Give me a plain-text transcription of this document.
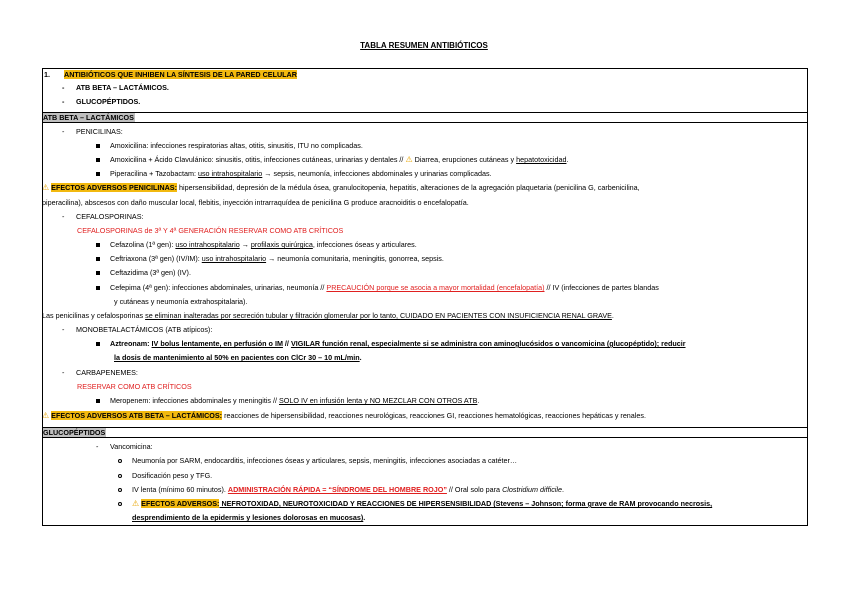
TABLA RESUMEN ANTIBIÓTICOS
1. ANTIBIÓTICOS QUE INHIBEN LA SÍNTESIS DE LA PARED CELULAR
- ATB BETA – LACTÁMICOS.
- GLUCOPÉPTIDOS.
ATB BETA – LACTÁMICOS
- PENICILINAS:
Amoxicilina: infecciones respiratorias altas, otitis, sinusitis, ITU no complicadas.
Amoxicilina + Ácido Clavulánico: sinusitis, otitis, infecciones cutáneas, urinarias y dentales // ⚠ Diarrea, erupciones cutáneas y hepatotoxicidad.
Piperacilina + Tazobactam: uso intrahospitalario → sepsis, neumonía, infecciones abdominales y urinarias complicadas.
⚠ EFECTOS ADVERSOS PENICILINAS: hipersensibilidad, depresión de la médula ósea, granulocitopenia, hepatitis, alteraciones de la agregación plaquetaria (penicilina G, carbenicilina,
piperacilina), abscesos con daño muscular local, flebitis, inyección intrarraquídea de penicilina G produce aracnoiditis o encefalopatía.
- CEFALOSPORINAS:
CEFALOSPORINAS de 3ª Y 4ª GENERACIÓN RESERVAR COMO ATB CRÍTICOS
Cefazolina (1ª gen): uso intrahospitalario → profilaxis quirúrgica, infecciones óseas y articulares.
Ceftriaxona (3ª gen) (IV/IM): uso intrahospitalario → neumonía comunitaria, meningitis, gonorrea, sepsis.
Ceftazidima (3ª gen) (IV).
Cefepima (4ª gen): infecciones abdominales, urinarias, neumonía // PRECAUCIÓN porque se asocia a mayor mortalidad (encefalopatía) // IV (infecciones de partes blandas
y cutáneas y neumonía extrahospitalaria).
Las penicilinas y cefalosporinas se eliminan inalteradas por secreción tubular y filtración glomerular por lo tanto, CUIDADO EN PACIENTES CON INSUFICIENCIA RENAL GRAVE.
- MONOBETALACTÁMICOS (ATB atípicos):
Aztreonam: IV bolus lentamente, en perfusión o IM // VIGILAR función renal, especialmente si se administra con aminoglucósidos o vancomicina (glucopéptido); reducir
la dosis de mantenimiento al 50% en pacientes con ClCr 30 – 10 mL/min.
- CARBAPENEMES:
RESERVAR COMO ATB CRÍTICOS
Meropenem: infecciones abdominales y meningitis // SOLO IV en infusión lenta y NO MEZCLAR CON OTROS ATB.
⚠ EFECTOS ADVERSOS ATB BETA – LACTÁMICOS: reacciones de hipersensibilidad, reacciones neurológicas, reacciones GI, reacciones hematológicas, reacciones hepáticas y renales.
GLUCOPÉPTIDOS
- Vancomicina:
Neumonía por SARM, endocarditis, infecciones óseas y articulares, sepsis, meningitis, infecciones asociadas a catéter…
Dosificación peso y TFG.
IV lenta (mínimo 60 minutos). ADMINISTRACIÓN RÁPIDA = “SÍNDROME DEL HOMBRE ROJO” // Oral solo para Clostridium difficile.
⚠ EFECTOS ADVERSOS: NEFROTOXIDAD, NEUROTOXICIDAD Y REACCIONES DE HIPERSENSIBILIDAD (Stevens – Johnson; forma grave de RAM provocando necrosis,
desprendimiento de la epidermis y lesiones dolorosas en mucosas).
